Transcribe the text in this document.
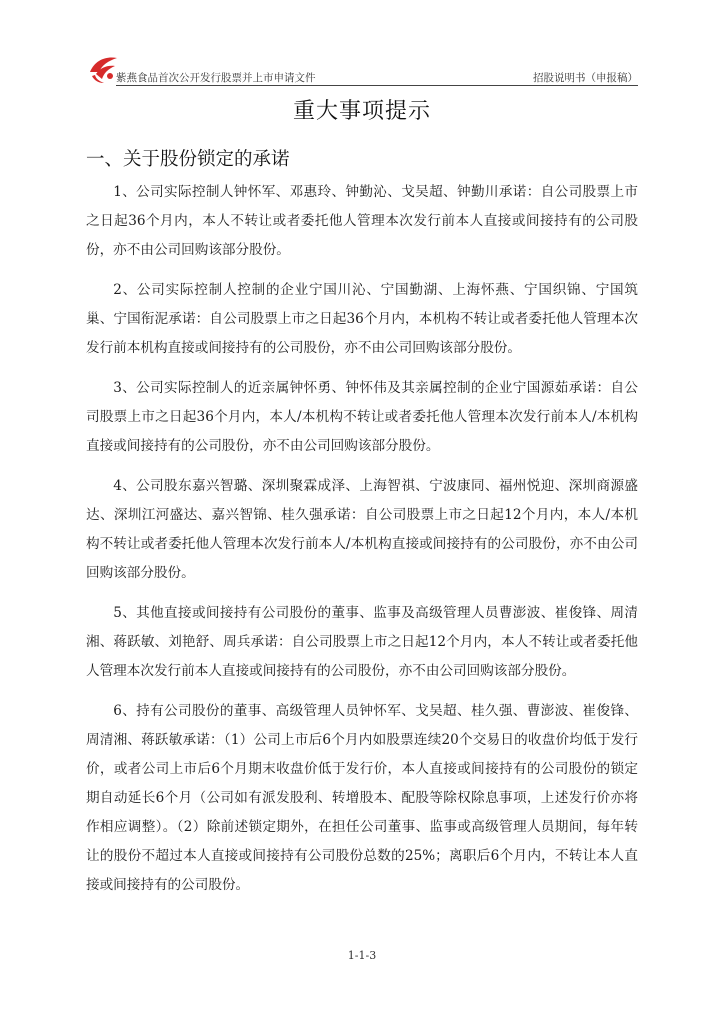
紫燕食品首次公开发行股票并上市申请文件	招股说明书（申报稿）
重大事项提示
一、关于股份锁定的承诺

1、公司实际控制人钟怀军、邓惠玲、钟勤沁、戈吴超、钟勤川承诺：自公司股票上市之日起36个月内，本人不转让或者委托他人管理本次发行前本人直接或间接持有的公司股份，亦不由公司回购该部分股份。

2、公司实际控制人控制的企业宁国川沁、宁国勤湖、上海怀燕、宁国织锦、宁国筑巢、宁国衔泥承诺：自公司股票上市之日起36个月内，本机构不转让或者委托他人管理本次发行前本机构直接或间接持有的公司股份，亦不由公司回购该部分股份。

3、公司实际控制人的近亲属钟怀勇、钟怀伟及其亲属控制的企业宁国源茹承诺：自公司股票上市之日起36个月内，本人/本机构不转让或者委托他人管理本次发行前本人/本机构直接或间接持有的公司股份，亦不由公司回购该部分股份。

4、公司股东嘉兴智璐、深圳聚霖成泽、上海智祺、宁波康同、福州悦迎、深圳商源盛达、深圳江河盛达、嘉兴智锦、桂久强承诺：自公司股票上市之日起12个月内，本人/本机构不转让或者委托他人管理本次发行前本人/本机构直接或间接持有的公司股份，亦不由公司回购该部分股份。

5、其他直接或间接持有公司股份的董事、监事及高级管理人员曹澎波、崔俊锋、周清湘、蒋跃敏、刘艳舒、周兵承诺：自公司股票上市之日起12个月内，本人不转让或者委托他人管理本次发行前本人直接或间接持有的公司股份，亦不由公司回购该部分股份。

6、持有公司股份的董事、高级管理人员钟怀军、戈吴超、桂久强、曹澎波、崔俊锋、周清湘、蒋跃敏承诺：（1）公司上市后6个月内如股票连续20个交易日的收盘价均低于发行价，或者公司上市后6个月期末收盘价低于发行价，本人直接或间接持有的公司股份的锁定期自动延长6个月（公司如有派发股利、转增股本、配股等除权除息事项，上述发行价亦将作相应调整）。（2）除前述锁定期外，在担任公司董事、监事或高级管理人员期间，每年转让的股份不超过本人直接或间接持有公司股份总数的25%；离职后6个月内，不转让本人直接或间接持有的公司股份。

1-1-3
